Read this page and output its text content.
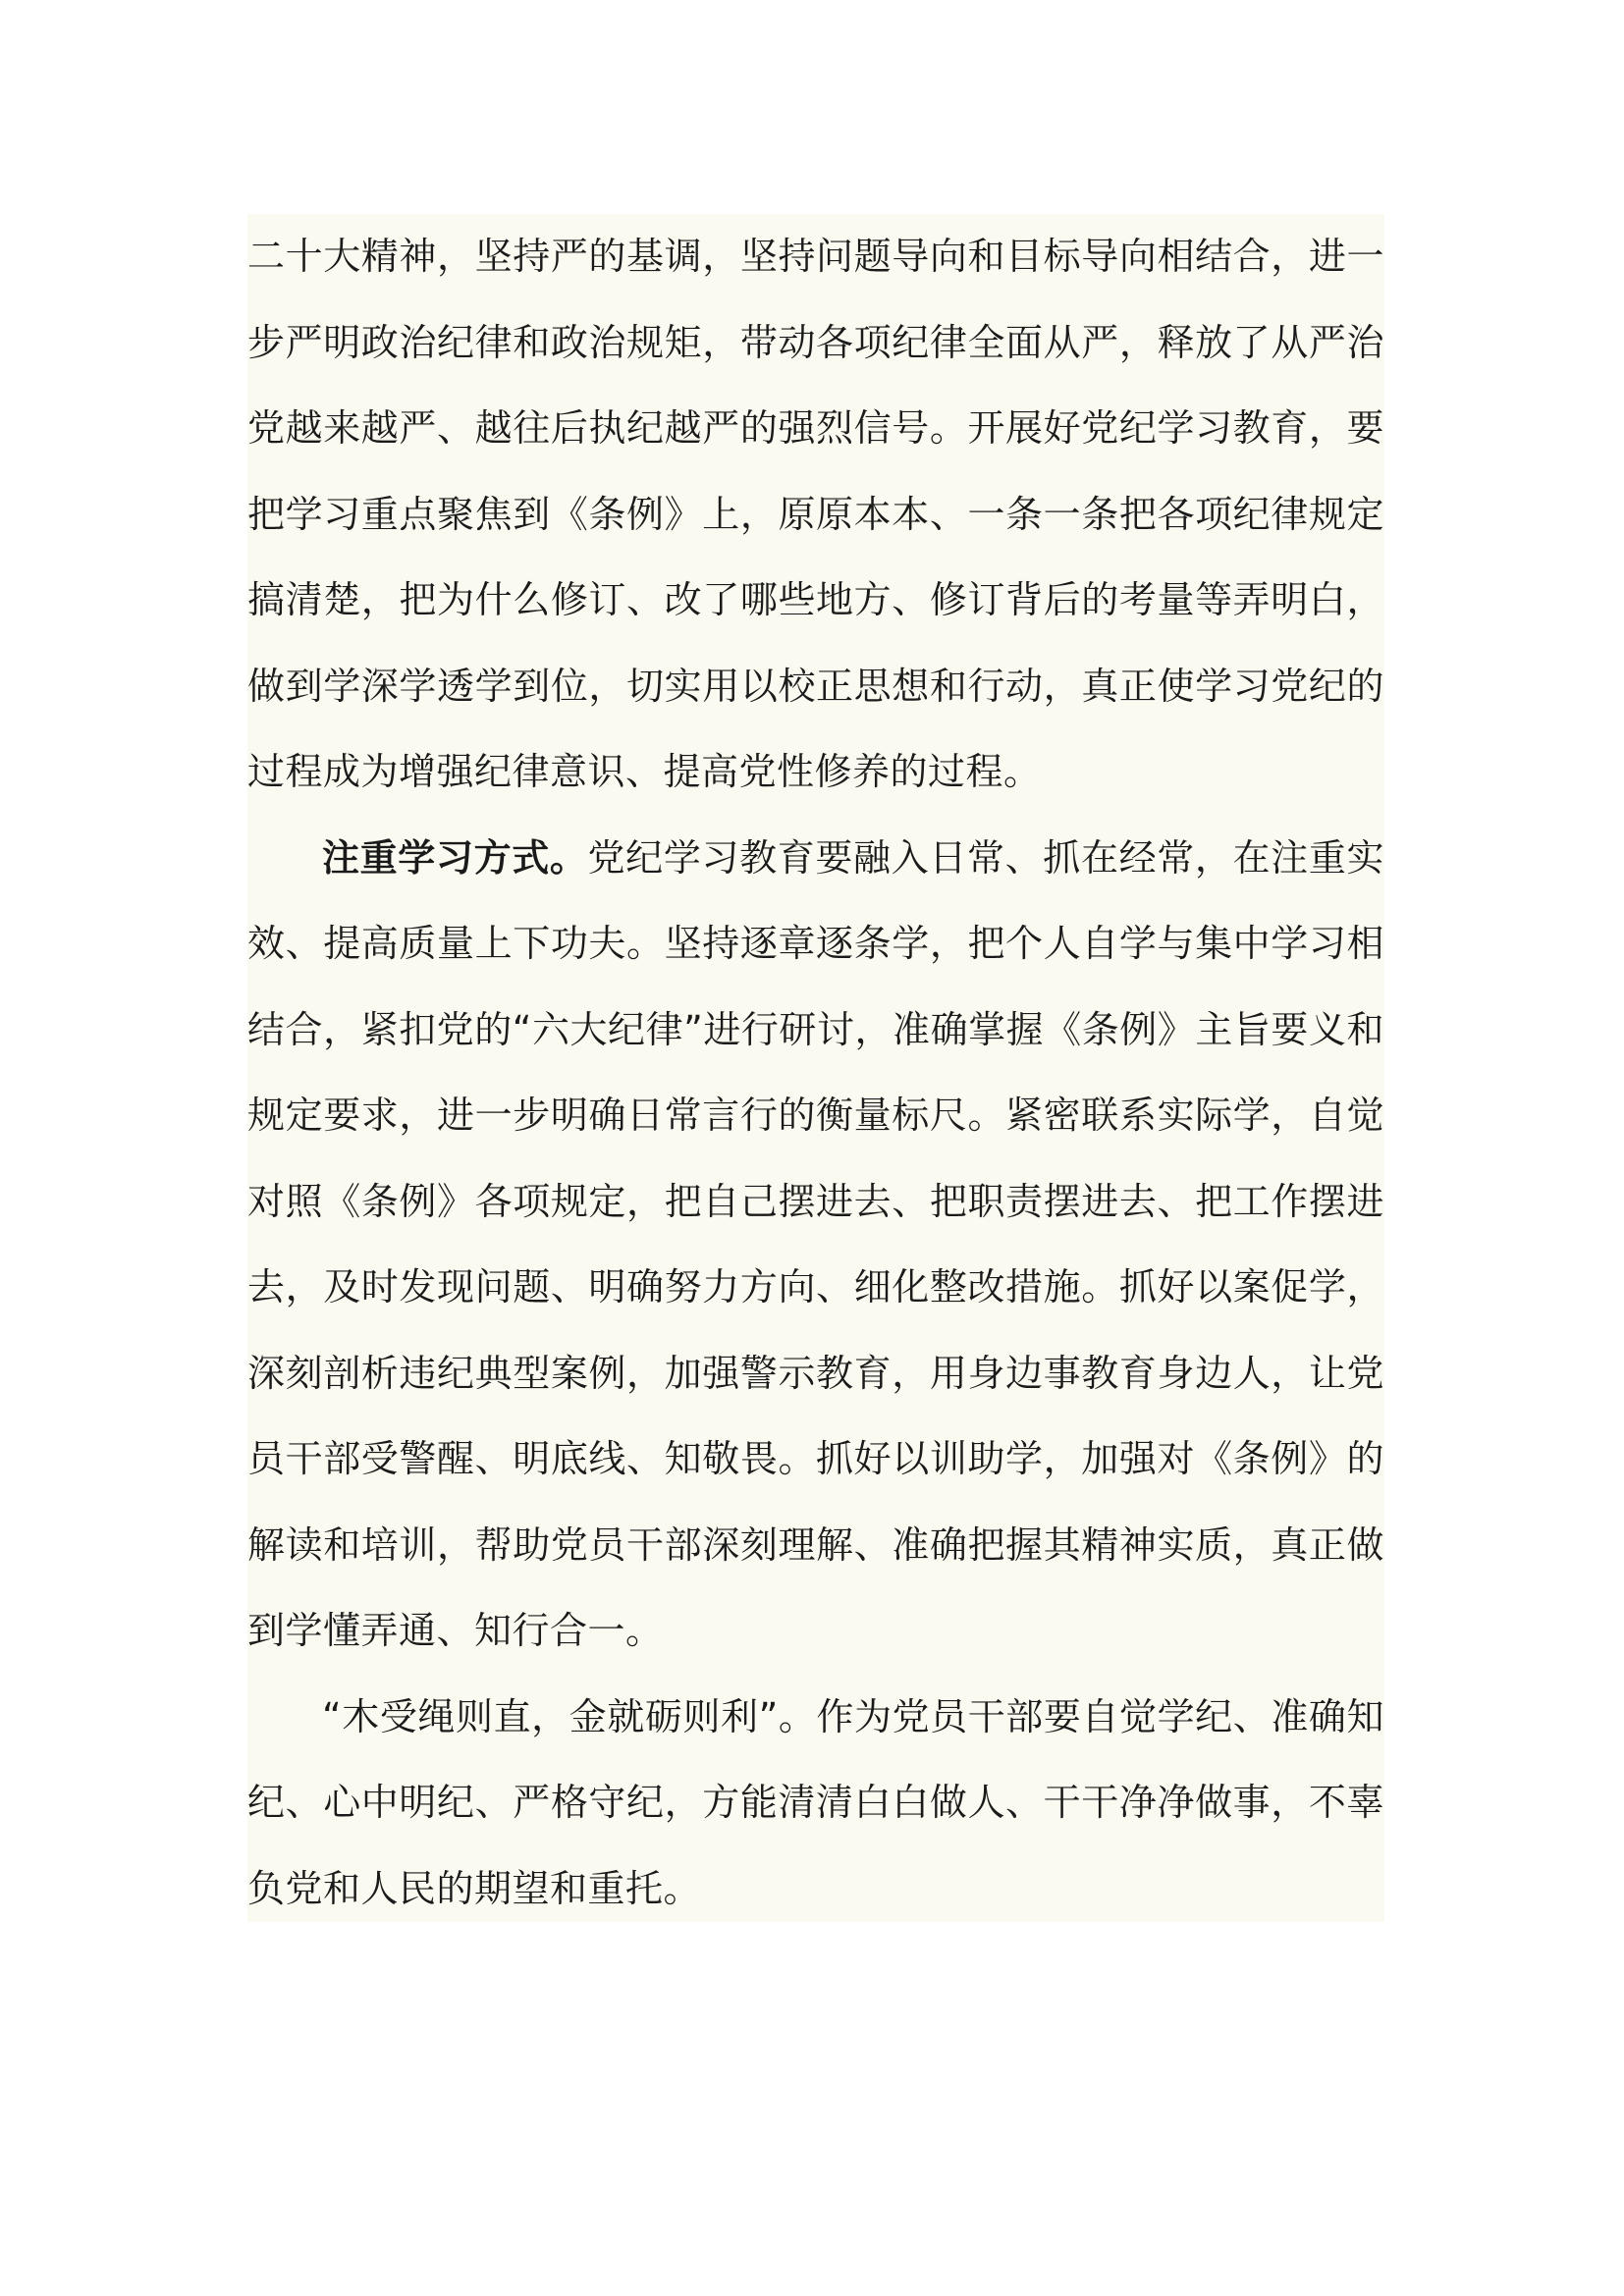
二十大精神，坚持严的基调，坚持问题导向和目标导向相结合，进一步严明政治纪律和政治规矩，带动各项纪律全面从严，释放了从严治党越来越严、越往后执纪越严的强烈信号。开展好党纪学习教育，要把学习重点聚焦到《条例》上，原原本本、一条一条把各项纪律规定搞清楚，把为什么修订、改了哪些地方、修订背后的考量等弄明白，做到学深学透学到位，切实用以校正思想和行动，真正使学习党纪的过程成为增强纪律意识、提高党性修养的过程。

注重学习方式。党纪学习教育要融入日常、抓在经常，在注重实效、提高质量上下功夫。坚持逐章逐条学，把个人自学与集中学习相结合，紧扣党的“六大纪律”进行研讨，准确掌握《条例》主旨要义和规定要求，进一步明确日常言行的衡量标尺。紧密联系实际学，自觉对照《条例》各项规定，把自己摆进去、把职责摆进去、把工作摆进去，及时发现问题、明确努力方向、细化整改措施。抓好以案促学，深刻剖析违纪典型案例，加强警示教育，用身边事教育身边人，让党员干部受警醒、明底线、知敬畏。抓好以训助学，加强对《条例》的解读和培训，帮助党员干部深刻理解、准确把握其精神实质，真正做到学懂弄通、知行合一。

“木受绳则直，金就砺则利”。作为党员干部要自觉学纪、准确知纪、心中明纪、严格守纪，方能清清白白做人、干干净净做事，不辜负党和人民的期望和重托。
